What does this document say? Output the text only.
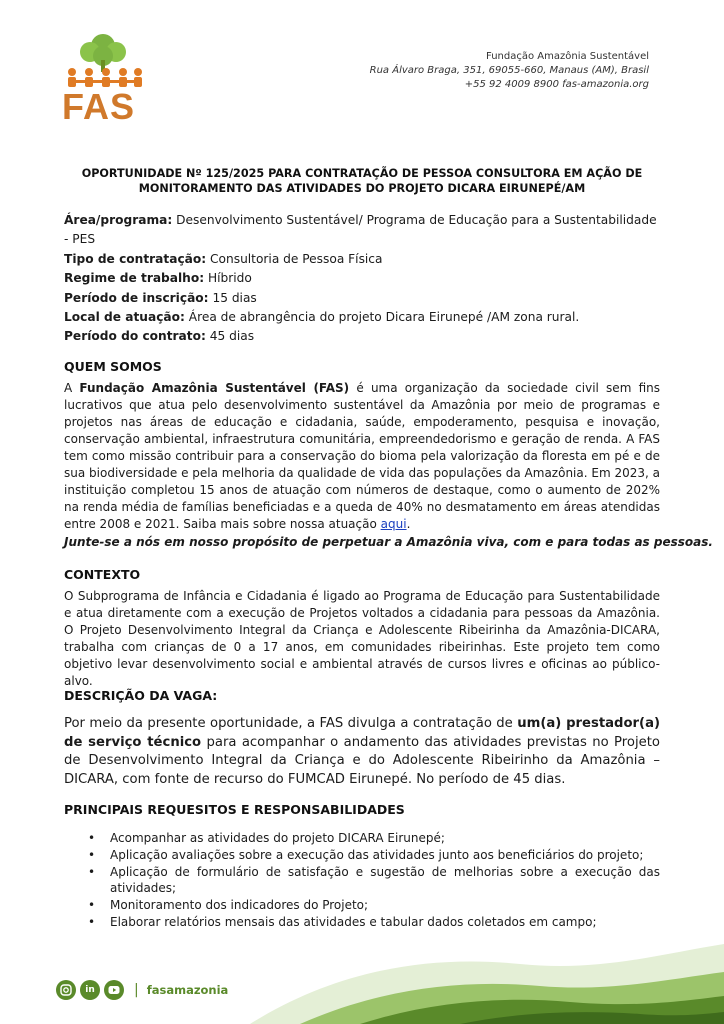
FAS
Fundação Amazônia Sustentável
Rua Álvaro Braga, 351, 69055-660, Manaus (AM), Brasil
+55 92 4009 8900 fas-amazonia.org
OPORTUNIDADE Nº 125/2025 PARA CONTRATAÇÃO DE PESSOA CONSULTORA EM AÇÃO DE
MONITORAMENTO DAS ATIVIDADES DO PROJETO DICARA EIRUNEPÉ/AM
Área/programa: Desenvolvimento Sustentável/ Programa de Educação para a Sustentabilidade - PES
Tipo de contratação: Consultoria de Pessoa Física
Regime de trabalho: Híbrido
Período de inscrição: 15 dias
Local de atuação: Área de abrangência do projeto Dicara Eirunepé /AM zona rural.
Período do contrato: 45 dias
QUEM SOMOS
A Fundação Amazônia Sustentável (FAS) é uma organização da sociedade civil sem fins lucrativos que atua pelo desenvolvimento sustentável da Amazônia por meio de programas e projetos nas áreas de educação e cidadania, saúde, empoderamento, pesquisa e inovação, conservação ambiental, infraestrutura comunitária, empreendedorismo e geração de renda. A FAS tem como missão contribuir para a conservação do bioma pela valorização da floresta em pé e de sua biodiversidade e pela melhoria da qualidade de vida das populações da Amazônia. Em 2023, a instituição completou 15 anos de atuação com números de destaque, como o aumento de 202% na renda média de famílias beneficiadas e a queda de 40% no desmatamento em áreas atendidas entre 2008 e 2021. Saiba mais sobre nossa atuação aqui.
Junte-se a nós em nosso propósito de perpetuar a Amazônia viva, com e para todas as pessoas.
CONTEXTO
O Subprograma de Infância e Cidadania é ligado ao Programa de Educação para Sustentabilidade e atua diretamente com a execução de Projetos voltados a cidadania para pessoas da Amazônia. O Projeto Desenvolvimento Integral da Criança e Adolescente Ribeirinha da Amazônia-DICARA, trabalha com crianças de 0 a 17 anos, em comunidades ribeirinhas. Este projeto tem como objetivo levar desenvolvimento social e ambiental através de cursos livres e oficinas ao público-alvo.
DESCRIÇÃO DA VAGA:
Por meio da presente oportunidade, a FAS divulga a contratação de um(a) prestador(a) de serviço técnico para acompanhar o andamento das atividades previstas no Projeto de Desenvolvimento Integral da Criança e do Adolescente Ribeirinho da Amazônia – DICARA, com fonte de recurso do FUMCAD Eirunepé. No período de 45 dias.
PRINCIPAIS REQUESITOS E RESPONSABILIDADES
• Acompanhar as atividades do projeto DICARA Eirunepé;
• Aplicação avaliações sobre a execução das atividades junto aos beneficiários do projeto;
• Aplicação de formulário de satisfação e sugestão de melhorias sobre a execução das atividades;
• Monitoramento dos indicadores do Projeto;
• Elaborar relatórios mensais das atividades e tabular dados coletados em campo;
in	| fasamazonia
